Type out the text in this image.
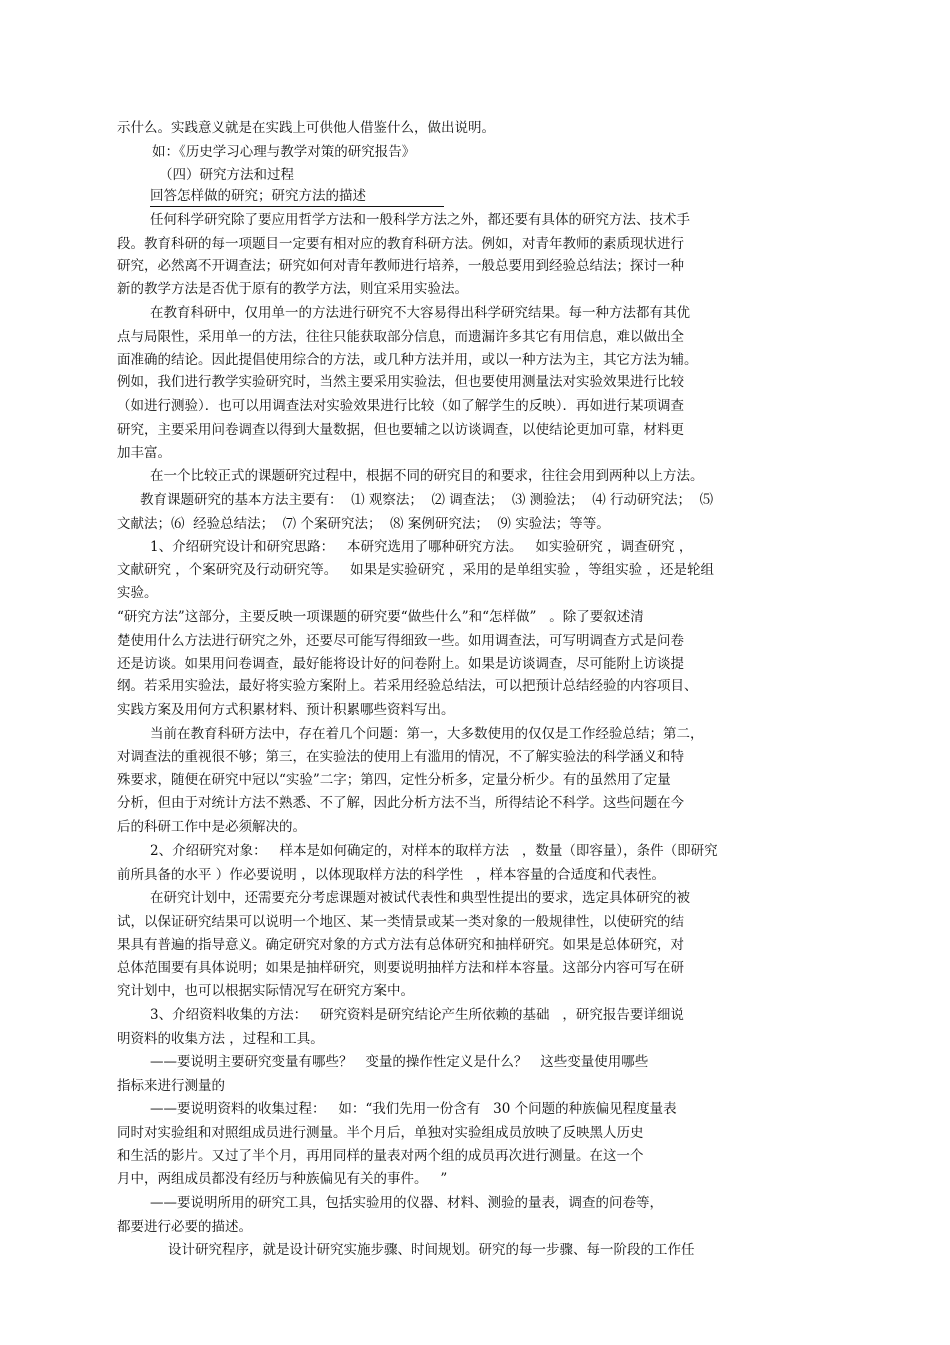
示什么。实践意义就是在实践上可供他人借鉴什么，做出说明。
如：《历史学习心理与教学对策的研究报告》
（四）研究方法和过程
回答怎样做的研究；研究方法的描述
任何科学研究除了要应用哲学方法和一般科学方法之外，都还要有具体的研究方法、技术手
段。教育科研的每一项题目一定要有相对应的教育科研方法。例如，对青年教师的素质现状进行
研究，必然离不开调查法；研究如何对青年教师进行培养，一般总要用到经验总结法；探讨一种
新的教学方法是否优于原有的教学方法，则宜采用实验法。
在教育科研中，仅用单一的方法进行研究不大容易得出科学研究结果。每一种方法都有其优
点与局限性，采用单一的方法，往往只能获取部分信息，而遗漏许多其它有用信息，难以做出全
面准确的结论。因此提倡使用综合的方法，或几种方法并用，或以一种方法为主，其它方法为辅。
例如，我们进行教学实验研究时，当然主要采用实验法，但也要使用测量法对实验效果进行比较
（如进行测验）．也可以用调查法对实验效果进行比较（如了解学生的反映）．再如进行某项调查
研究，主要采用问卷调查以得到大量数据，但也要辅之以访谈调查，以使结论更加可靠，材料更
加丰富。
在一个比较正式的课题研究过程中，根据不同的研究目的和要求，往往会用到两种以上方法。
教育课题研究的基本方法主要有：  ⑴ 观察法；  ⑵ 调查法；  ⑶ 测验法；  ⑷ 行动研究法；  ⑸
文献法；⑹  经验总结法；  ⑺ 个案研究法；  ⑻ 案例研究法；  ⑼ 实验法；等等。
1、介绍研究设计和研究思路：   本研究选用了哪种研究方法。   如实验研究 ，调查研究 ，
文献研究 ，个案研究及行动研究等。   如果是实验研究 ，采用的是单组实验 ，等组实验 ，还是轮组
实验。
“研究方法”这部分，主要反映一项课题的研究要“做些什么”和“怎样做”   。除了要叙述清
楚使用什么方法进行研究之外，还要尽可能写得细致一些。如用调查法，可写明调查方式是问卷
还是访谈。如果用问卷调查，最好能将设计好的问卷附上。如果是访谈调查，尽可能附上访谈提
纲。若采用实验法，最好将实验方案附上。若采用经验总结法，可以把预计总结经验的内容项目、
实践方案及用何方式积累材料、预计积累哪些资料写出。
当前在教育科研方法中，存在着几个问题：第一，大多数使用的仅仅是工作经验总结；第二，
对调查法的重视很不够；第三，在实验法的使用上有滥用的情况，不了解实验法的科学涵义和特
殊要求，随便在研究中冠以“实验”二字；第四，定性分析多，定量分析少。有的虽然用了定量
分析，但由于对统计方法不熟悉、不了解，因此分析方法不当，所得结论不科学。这些问题在今
后的科研工作中是必须解决的。
2、介绍研究对象：   样本是如何确定的，对样本的取样方法   ，数量（即容量），条件（即研究
前所具备的水平 ）作必要说明 ，以体现取样方法的科学性   ，样本容量的合适度和代表性。
在研究计划中，还需要充分考虑课题对被试代表性和典型性提出的要求，选定具体研究的被
试，以保证研究结果可以说明一个地区、某一类情景或某一类对象的一般规律性，以使研究的结
果具有普遍的指导意义。确定研究对象的方式方法有总体研究和抽样研究。如果是总体研究，对
总体范围要有具体说明；如果是抽样研究，则要说明抽样方法和样本容量。这部分内容可写在研
究计划中，也可以根据实际情况写在研究方案中。
3、介绍资料收集的方法：   研究资料是研究结论产生所依赖的基础   ，研究报告要详细说
明资料的收集方法 ，过程和工具。
——要说明主要研究变量有哪些？   变量的操作性定义是什么？   这些变量使用哪些
指标来进行测量的
——要说明资料的收集过程：   如：“我们先用一份含有   30 个问题的种族偏见程度量表
同时对实验组和对照组成员进行测量。半个月后，单独对实验组成员放映了反映黑人历史
和生活的影片。又过了半个月，再用同样的量表对两个组的成员再次进行测量。在这一个
月中，两组成员都没有经历与种族偏见有关的事件。   ”
——要说明所用的研究工具，包括实验用的仪器、材料、测验的量表，调查的问卷等，
都要进行必要的描述。
设计研究程序，就是设计研究实施步骤、时间规划。研究的每一步骤、每一阶段的工作任
